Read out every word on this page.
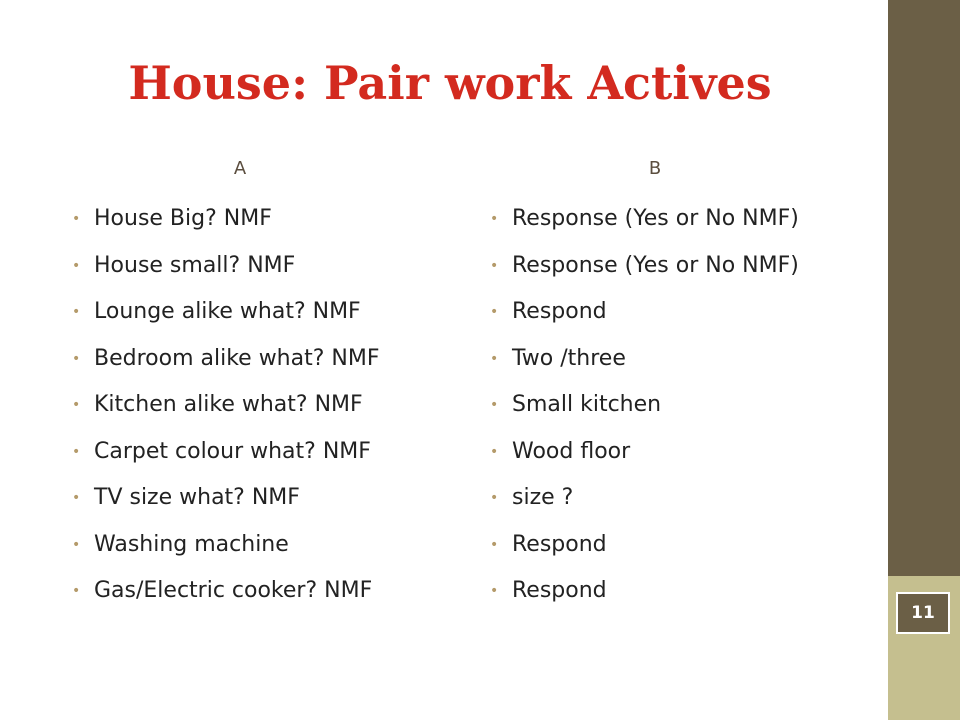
House: Pair work Actives
A	B
• House Big? NMF
• House small? NMF
• Lounge alike what? NMF
• Bedroom alike what? NMF
• Kitchen alike what? NMF
• Carpet colour what? NMF
• TV size what? NMF
• Washing machine
• Gas/Electric cooker? NMF
• Response (Yes or No NMF)
• Response (Yes or No NMF)
• Respond
• Two /three
• Small kitchen
• Wood floor
• size ?
• Respond
• Respond
11
